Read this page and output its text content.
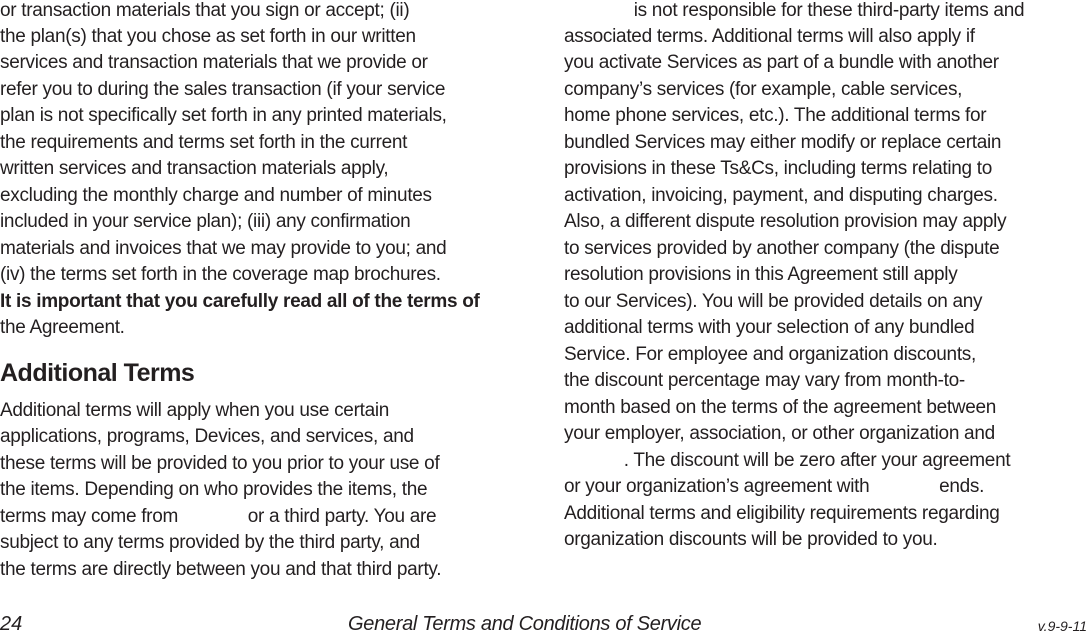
or transaction materials that you sign or accept; (ii)
the plan(s) that you chose as set forth in our written
services and transaction materials that we provide or
refer you to during the sales transaction (if your service
plan is not specifically set forth in any printed materials,
the requirements and terms set forth in the current
written services and transaction materials apply,
excluding the monthly charge and number of minutes
included in your service plan); (iii) any confirmation
materials and invoices that we may provide to you; and
(iv) the terms set forth in the coverage map brochures.
It is important that you carefully read all of the terms of
the Agreement.
Additional Terms
Additional terms will apply when you use certain
applications, programs, Devices, and services, and
these terms will be provided to you prior to your use of
the items. Depending on who provides the items, the
terms may come from              or a third party. You are
subject to any terms provided by the third party, and
the terms are directly between you and that third party.
is not responsible for these third-party items and
associated terms. Additional terms will also apply if
you activate Services as part of a bundle with another
company’s services (for example, cable services,
home phone services, etc.). The additional terms for
bundled Services may either modify or replace certain
provisions in these Ts&Cs, including terms relating to
activation, invoicing, payment, and disputing charges.
Also, a different dispute resolution provision may apply
to services provided by another company (the dispute
resolution provisions in this Agreement still apply
to our Services). You will be provided details on any
additional terms with your selection of any bundled
Service. For employee and organization discounts,
the discount percentage may vary from month-to-
month based on the terms of the agreement between
your employer, association, or other organization and
. The discount will be zero after your agreement
or your organization’s agreement with              ends.
Additional terms and eligibility requirements regarding
organization discounts will be provided to you.
24	General Terms and Conditions of Service	v.9-9-11
